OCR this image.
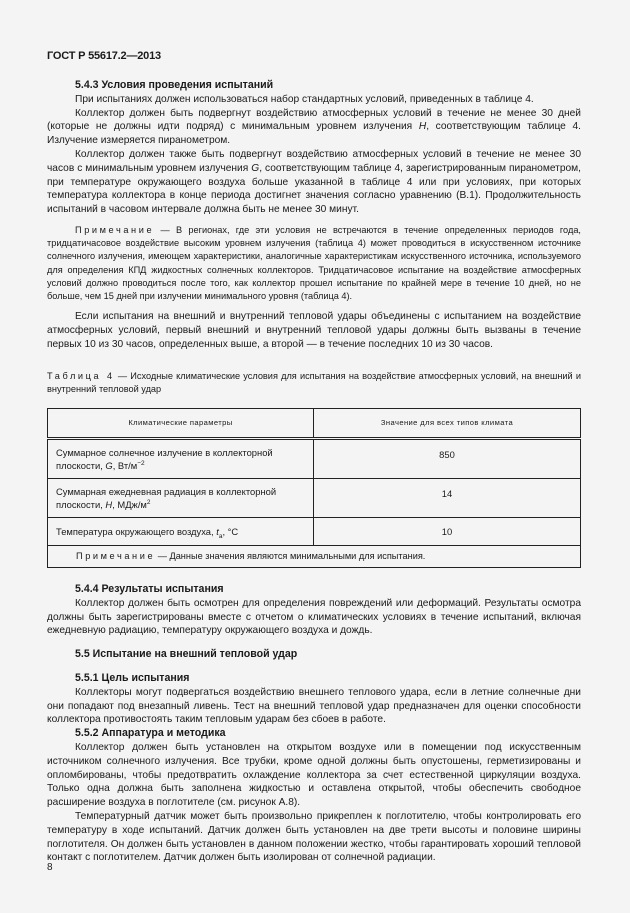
ГОСТ Р 55617.2—2013
5.4.3 Условия проведения испытаний

При испытаниях должен использоваться набор стандартных условий, приведенных в таблице 4.

Коллектор должен быть подвергнут воздействию атмосферных условий в течение не менее 30 дней (которые не должны идти подряд) с минимальным уровнем излучения H, соответствующим таблице 4. Излучение измеряется пиранометром.

Коллектор должен также быть подвергнут воздействию атмосферных условий в течение не менее 30 часов с минимальным уровнем излучения G, соответствующим таблице 4, зарегистрированным пиранометром, при температуре окружающего воздуха больше указанной в таблице 4 или при условиях, при которых температура коллектора в конце периода достигнет значения согласно уравнению (В.1). Продолжительность испытаний в часовом интервале должна быть не менее 30 минут.

Примечание — В регионах, где эти условия не встречаются в течение определенных периодов года, тридцатичасовое воздействие высоким уровнем излучения (таблица 4) может проводиться в искусственном источнике солнечного излучения, имеющем характеристики, аналогичные характеристикам искусственного источника, используемого для определения КПД жидкостных солнечных коллекторов. Тридцатичасовое испытание на воздействие атмосферных условий должно проводиться после того, как коллектор прошел испытание по крайней мере в течение 10 дней, но не больше, чем 15 дней при излучении минимального уровня (таблица 4).

Если испытания на внешний и внутренний тепловой удары объединены с испытанием на воздействие атмосферных условий, первый внешний и внутренний тепловой удары должны быть вызваны в течение первых 10 из 30 часов, определенных выше, а второй — в течение последних 10 из 30 часов.

Таблица 4 — Исходные климатические условия для испытания на воздействие атмосферных условий, на внешний и внутренний тепловой удар

Климатические параметры	Значение для всех типов климата
Суммарное солнечное излучение в коллекторной плоскости, G, $Вт/м^{-2}$	850
Суммарная ежедневная радиация в коллекторной плоскости, H, МДж/$м^2$	14
Температура окружающего воздуха, $t_a$, °С	10
Примечание — Данные значения являются минимальными для испытания.	
5.4.4 Результаты испытания

Коллектор должен быть осмотрен для определения повреждений или деформаций. Результаты осмотра должны быть зарегистрированы вместе с отчетом о климатических условиях в течение испытаний, включая ежедневную радиацию, температуру окружающего воздуха и дождь.

5.5 Испытание на внешний тепловой удар
5.5.1 Цель испытания

Коллекторы могут подвергаться воздействию внешнего теплового удара, если в летние солнечные дни они попадают под внезапный ливень. Тест на внешний тепловой удар предназначен для оценки способности коллектора противостоять таким тепловым ударам без сбоев в работе.

5.5.2 Аппаратура и методика

Коллектор должен быть установлен на открытом воздухе или в помещении под искусственным источником солнечного излучения. Все трубки, кроме одной должны быть опустошены, герметизированы и опломбированы, чтобы предотвратить охлаждение коллектора за счет естественной циркуляции воздуха. Только одна должна быть заполнена жидкостью и оставлена открытой, чтобы обеспечить свободное расширение воздуха в поглотителе (см. рисунок А.8).

Температурный датчик может быть произвольно прикреплен к поглотителю, чтобы контролировать его температуру в ходе испытаний. Датчик должен быть установлен на две трети высоты и половине ширины поглотителя. Он должен быть установлен в данном положении жестко, чтобы гарантировать хороший тепловой контакт с поглотителем. Датчик должен быть изолирован от солнечной радиации.

8
